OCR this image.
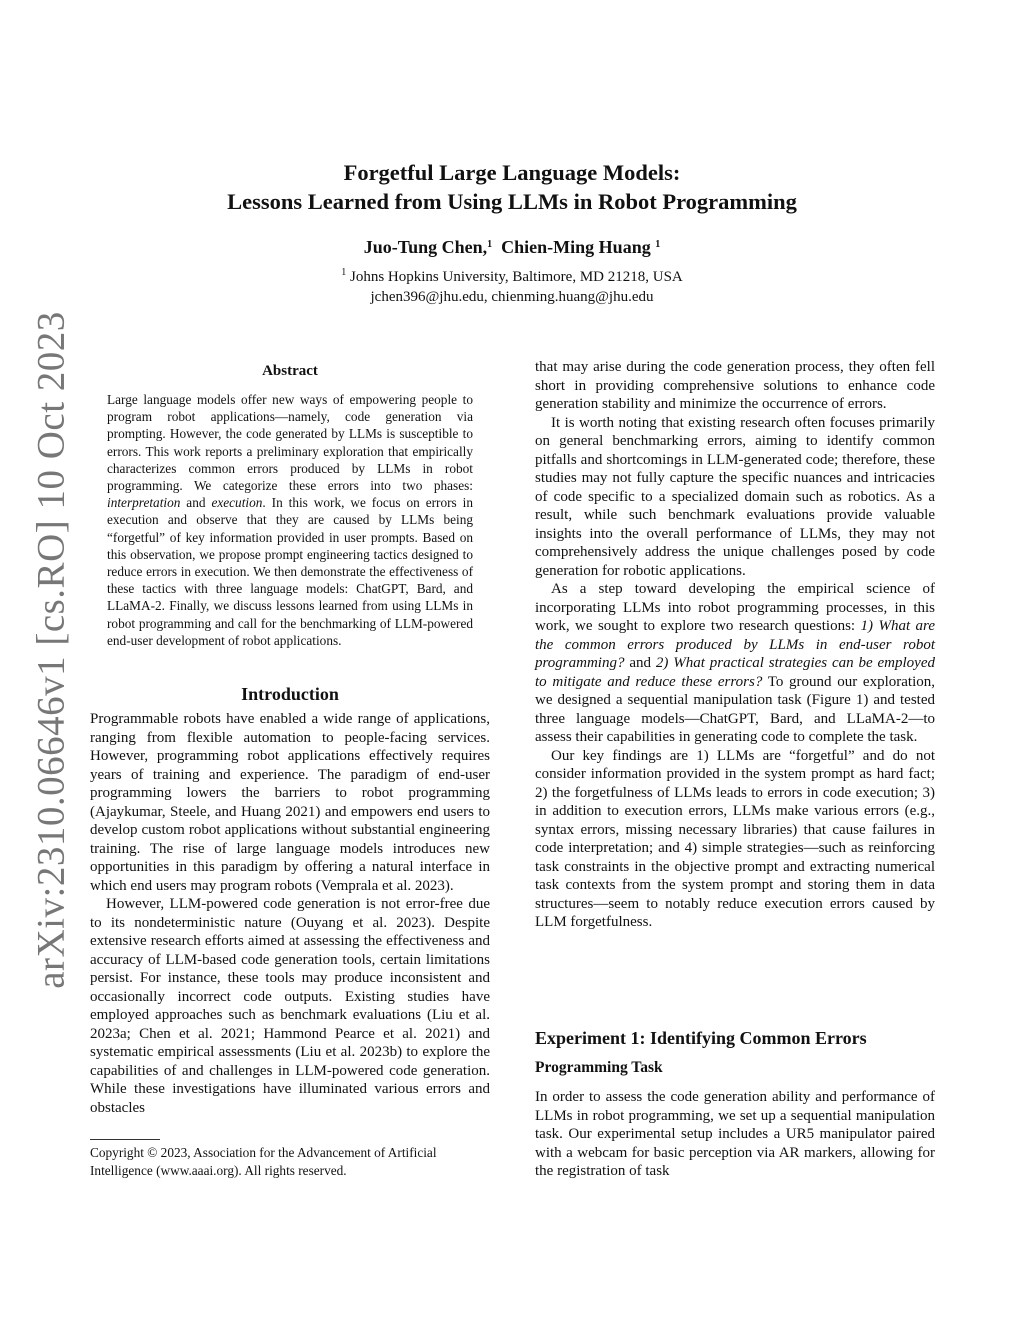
arXiv:2310.06646v1 [cs.RO] 10 Oct 2023
Forgetful Large Language Models:
Lessons Learned from Using LLMs in Robot Programming
Juo-Tung Chen,$^1$ Chien-Ming Huang $^1$
$^1$ Johns Hopkins University, Baltimore, MD 21218, USA
jchen396@jhu.edu, chienming.huang@jhu.edu
Abstract

Large language models offer new ways of empowering people to program robot applications—namely, code generation via prompting. However, the code generated by LLMs is susceptible to errors. This work reports a preliminary exploration that empirically characterizes common errors produced by LLMs in robot programming. We categorize these errors into two phases: interpretation and execution. In this work, we focus on errors in execution and observe that they are caused by LLMs being “forgetful” of key information provided in user prompts. Based on this observation, we propose prompt engineering tactics designed to reduce errors in execution. We then demonstrate the effectiveness of these tactics with three language models: ChatGPT, Bard, and LLaMA-2. Finally, we discuss lessons learned from using LLMs in robot programming and call for the benchmarking of LLM-powered end-user development of robot applications.

Introduction

Programmable robots have enabled a wide range of applications, ranging from flexible automation to people-facing services. However, programming robot applications effectively requires years of training and experience. The paradigm of end-user programming lowers the barriers to robot programming (Ajaykumar, Steele, and Huang 2021) and empowers end users to develop custom robot applications without substantial engineering training. The rise of large language models introduces new opportunities in this paradigm by offering a natural interface in which end users may program robots (Vemprala et al. 2023).

However, LLM-powered code generation is not error-free due to its nondeterministic nature (Ouyang et al. 2023). Despite extensive research efforts aimed at assessing the effectiveness and accuracy of LLM-based code generation tools, certain limitations persist. For instance, these tools may produce inconsistent and occasionally incorrect code outputs. Existing studies have employed approaches such as benchmark evaluations (Liu et al. 2023a; Chen et al. 2021; Hammond Pearce et al. 2021) and systematic empirical assessments (Liu et al. 2023b) to explore the capabilities of and challenges in LLM-powered code generation. While these investigations have illuminated various errors and obstacles

Copyright © 2023, Association for the Advancement of Artificial Intelligence (www.aaai.org). All rights reserved.

that may arise during the code generation process, they often fell short in providing comprehensive solutions to enhance code generation stability and minimize the occurrence of errors.

It is worth noting that existing research often focuses primarily on general benchmarking errors, aiming to identify common pitfalls and shortcomings in LLM-generated code; therefore, these studies may not fully capture the specific nuances and intricacies of code specific to a specialized domain such as robotics. As a result, while such benchmark evaluations provide valuable insights into the overall performance of LLMs, they may not comprehensively address the unique challenges posed by code generation for robotic applications.

As a step toward developing the empirical science of incorporating LLMs into robot programming processes, in this work, we sought to explore two research questions: 1) What are the common errors produced by LLMs in end-user robot programming? and 2) What practical strategies can be employed to mitigate and reduce these errors? To ground our exploration, we designed a sequential manipulation task (Figure 1) and tested three language models—ChatGPT, Bard, and LLaMA-2—to assess their capabilities in generating code to complete the task.

Our key findings are 1) LLMs are “forgetful” and do not consider information provided in the system prompt as hard fact; 2) the forgetfulness of LLMs leads to errors in code execution; 3) in addition to execution errors, LLMs make various errors (e.g., syntax errors, missing necessary libraries) that cause failures in code interpretation; and 4) simple strategies—such as reinforcing task constraints in the objective prompt and extracting numerical task contexts from the system prompt and storing them in data structures—seem to notably reduce execution errors caused by LLM forgetfulness.

Experiment 1: Identifying Common Errors
Programming Task

In order to assess the code generation ability and performance of LLMs in robot programming, we set up a sequential manipulation task. Our experimental setup includes a UR5 manipulator paired with a webcam for basic perception via AR markers, allowing for the registration of task
